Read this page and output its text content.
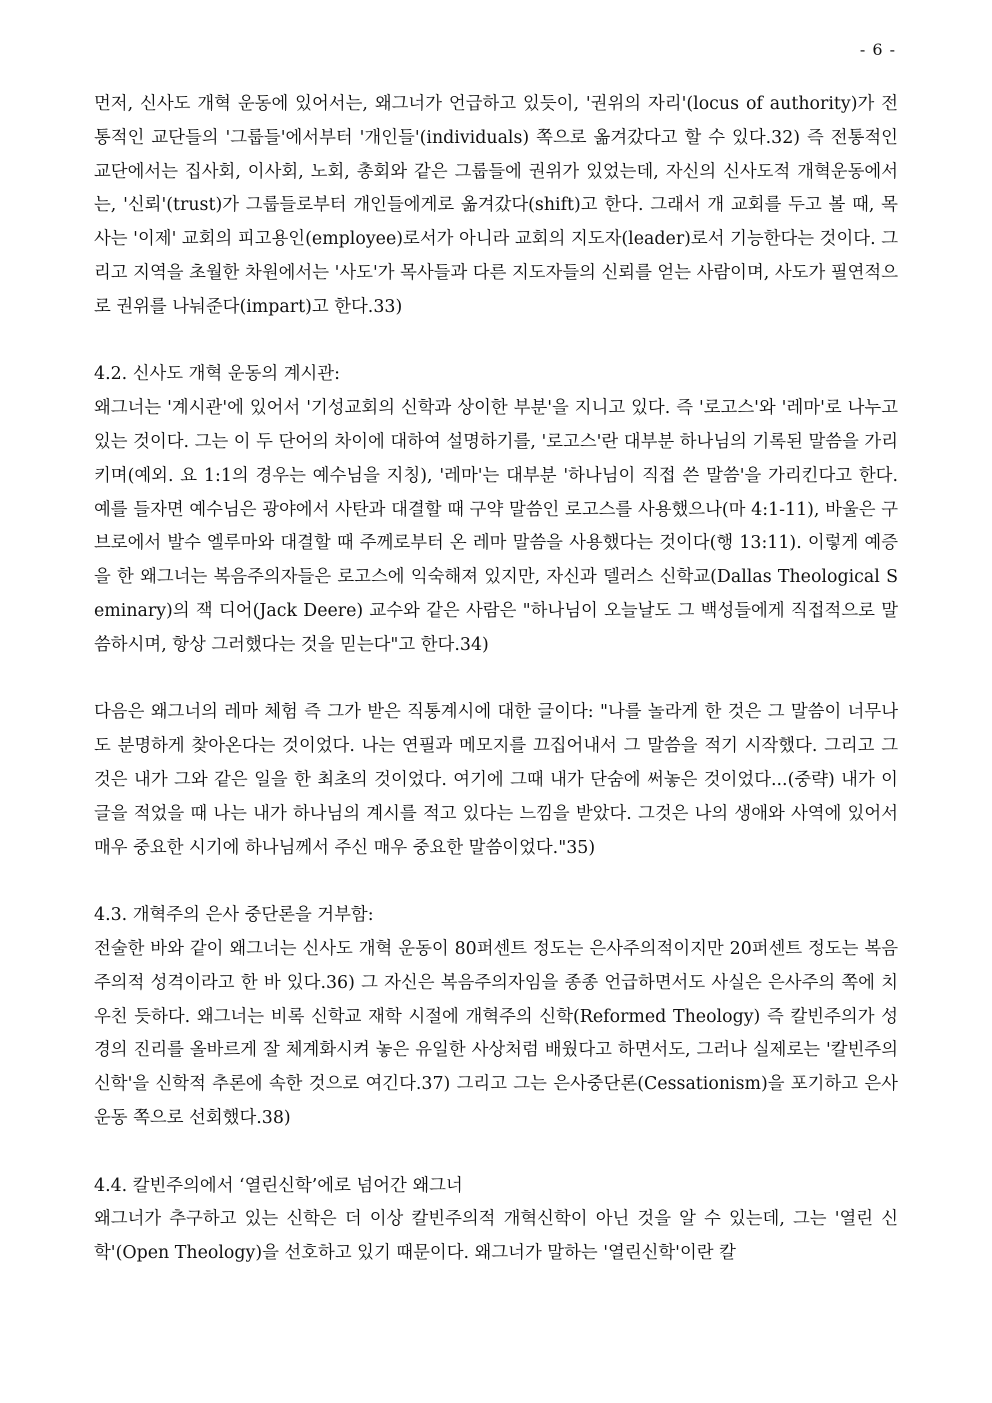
- 6 -

먼저, 신사도 개혁 운동에 있어서는, 왜그너가 언급하고 있듯이, '권위의 자리'(locus of authority)가 전통적인 교단들의 '그룹들'에서부터 '개인들'(individuals) 쪽으로 옮겨갔다고 할 수 있다.32) 즉 전통적인 교단에서는 집사회, 이사회, 노회, 총회와 같은 그룹들에 권위가 있었는데, 자신의 신사도적 개혁운동에서는, '신뢰'(trust)가 그룹들로부터 개인들에게로 옮겨갔다(shift)고 한다. 그래서 개 교회를 두고 볼 때, 목사는 '이제' 교회의 피고용인(employee)로서가 아니라 교회의 지도자(leader)로서 기능한다는 것이다. 그리고 지역을 초월한 차원에서는 '사도'가 목사들과 다른 지도자들의 신뢰를 얻는 사람이며, 사도가 필연적으로 권위를 나눠준다(impart)고 한다.33)

4.2. 신사도 개혁 운동의 계시관:

왜그너는 '계시관'에 있어서 '기성교회의 신학과 상이한 부분'을 지니고 있다. 즉 '로고스'와 '레마'로 나누고 있는 것이다. 그는 이 두 단어의 차이에 대하여 설명하기를, '로고스'란 대부분 하나님의 기록된 말씀을 가리키며(예외. 요 1:1의 경우는 예수님을 지칭), '레마'는 대부분 '하나님이 직접 쓴 말씀'을 가리킨다고 한다. 예를 들자면 예수님은 광야에서 사탄과 대결할 때 구약 말씀인 로고스를 사용했으나(마 4:1-11), 바울은 구브로에서 발수 엘루마와 대결할 때 주께로부터 온 레마 말씀을 사용했다는 것이다(행 13:11). 이렇게 예증을 한 왜그너는 복음주의자들은 로고스에 익숙해져 있지만, 자신과 델러스 신학교(Dallas Theological Seminary)의 잭 디어(Jack Deere) 교수와 같은 사람은 "하나님이 오늘날도 그 백성들에게 직접적으로 말씀하시며, 항상 그러했다는 것을 믿는다"고 한다.34)

다음은 왜그너의 레마 체험 즉 그가 받은 직통계시에 대한 글이다: "나를 놀라게 한 것은 그 말씀이 너무나도 분명하게 찾아온다는 것이었다. 나는 연필과 메모지를 끄집어내서 그 말씀을 적기 시작했다. 그리고 그것은 내가 그와 같은 일을 한 최초의 것이었다. 여기에 그때 내가 단숨에 써놓은 것이었다...(중략) 내가 이 글을 적었을 때 나는 내가 하나님의 계시를 적고 있다는 느낌을 받았다. 그것은 나의 생애와 사역에 있어서 매우 중요한 시기에 하나님께서 주신 매우 중요한 말씀이었다."35)

4.3. 개혁주의 은사 중단론을 거부함:

전술한 바와 같이 왜그너는 신사도 개혁 운동이 80퍼센트 정도는 은사주의적이지만 20퍼센트 정도는 복음주의적 성격이라고 한 바 있다.36) 그 자신은 복음주의자임을 종종 언급하면서도 사실은 은사주의 쪽에 치우친 듯하다. 왜그너는 비록 신학교 재학 시절에 개혁주의 신학(Reformed Theology) 즉 칼빈주의가 성경의 진리를 올바르게 잘 체계화시켜 놓은 유일한 사상처럼 배웠다고 하면서도, 그러나 실제로는 '칼빈주의 신학'을 신학적 추론에 속한 것으로 여긴다.37) 그리고 그는 은사중단론(Cessationism)을 포기하고 은사운동 쪽으로 선회했다.38)

4.4. 칼빈주의에서 ‘열린신학’에로 넘어간 왜그너

왜그너가 추구하고 있는 신학은 더 이상 칼빈주의적 개혁신학이 아닌 것을 알 수 있는데, 그는 '열린 신학'(Open Theology)을 선호하고 있기 때문이다. 왜그너가 말하는 '열린신학'이란 칼
